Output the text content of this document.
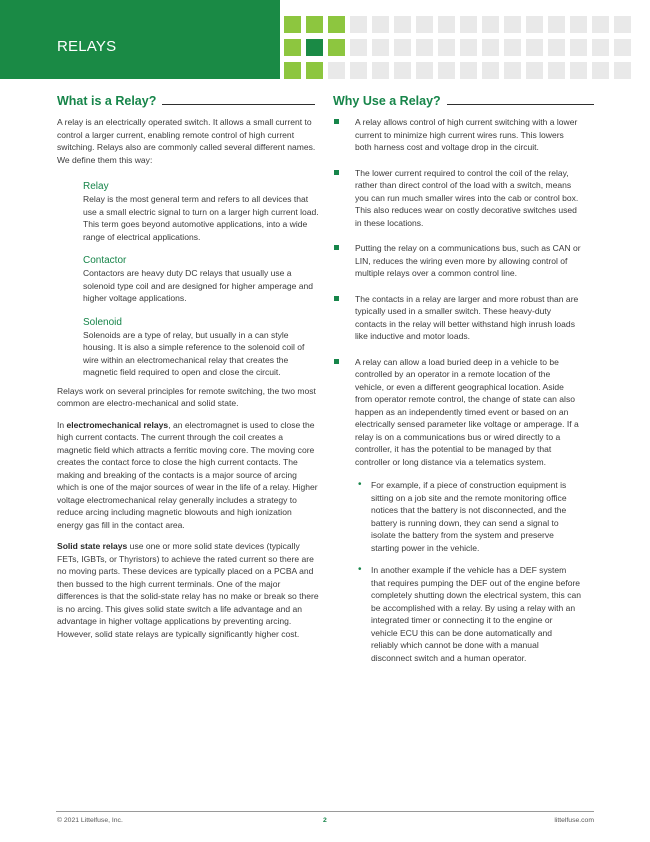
RELAYS
What is a Relay?	Why Use a Relay?

A relay is an electrically operated switch. It allows a small current to control a larger current, enabling remote control of high current switching. Relays also are commonly called several different names. We define them this way:

Relay

Relay is the most general term and refers to all devices that use a small electric signal to turn on a larger high current load. This term goes beyond automotive applications, into a wide range of electrical applications.

Contactor

Contactors are heavy duty DC relays that usually use a solenoid type coil and are designed for higher amperage and higher voltage applications.

Solenoid

Solenoids are a type of relay, but usually in a can style housing. It is also a simple reference to the solenoid coil of wire within an electromechanical relay that creates the magnetic field required to open and close the circuit.

Relays work on several principles for remote switching, the two most common are electro-mechanical and solid state.

In electromechanical relays, an electromagnet is used to close the high current contacts. The current through the coil creates a magnetic field which attracts a ferritic moving core. The moving core creates the contact force to close the high current contacts. The making and breaking of the contacts is a major source of arcing which is one of the major sources of wear in the life of a relay. Higher voltage electromechanical relay generally includes a strategy to reduce arcing including magnetic blowouts and high ionization energy gas fill in the contact area.

Solid state relays use one or more solid state devices (typically FETs, IGBTs, or Thyristors) to achieve the rated current so there are no moving parts. These devices are typically placed on a PCBA and then bussed to the high current terminals. One of the major differences is that the solid-state relay has no make or break so there is no arcing. This gives solid state switch a life advantage and an advantage in higher voltage applications by preventing arcing. However, solid state relays are typically significantly higher cost.

A relay allows control of high current switching with a lower current to minimize high current wires runs. This lowers both harness cost and voltage drop in the circuit.

The lower current required to control the coil of the relay, rather than direct control of the load with a switch, means you can run much smaller wires into the cab or control box. This also reduces wear on costly decorative switches used in these locations.

Putting the relay on a communications bus, such as CAN or LIN, reduces the wiring even more by allowing control of multiple relays over a common control line.

The contacts in a relay are larger and more robust than are typically used in a smaller switch. These heavy-duty contacts in the relay will better withstand high inrush loads like inductive and motor loads.

A relay can allow a load buried deep in a vehicle to be controlled by an operator in a remote location of the vehicle, or even a different geographical location. Aside from operator remote control, the change of state can also happen as an independently timed event or based on an electrically sensed parameter like voltage or amperage. If a relay is on a communications bus or wired directly to a controller, it has the potential to be managed by that controller or long distance via a telematics system.

• For example, if a piece of construction equipment is sitting on a job site and the remote monitoring office notices that the battery is not disconnected, and the battery is running down, they can send a signal to isolate the battery from the system and preserve starting power in the vehicle.

• In another example if the vehicle has a DEF system that requires pumping the DEF out of the engine before completely shutting down the electrical system, this can be accomplished with a relay. By using a relay with an integrated timer or connecting it to the engine or vehicle ECU this can be done automatically and reliably which cannot be done with a manual disconnect switch and a human operator.

© 2021 Littelfuse, Inc.	2	littelfuse.com
